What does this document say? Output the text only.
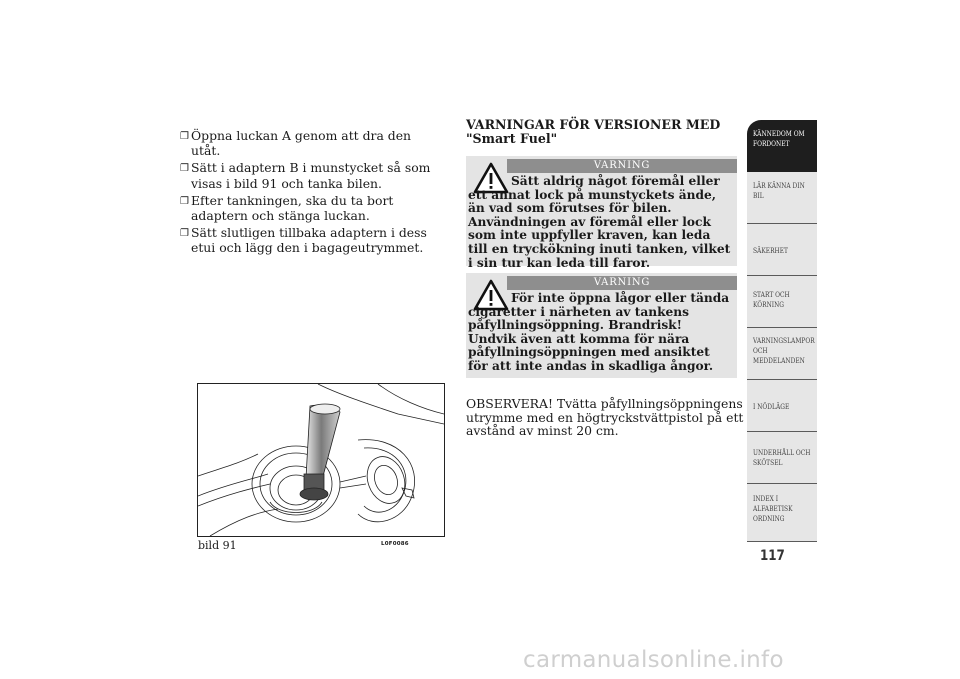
❐ Öppna luckan A genom att dra den utåt.
❐ Sätt i adaptern B i munstycket så som visas i bild 91 och tanka bilen.
❐ Efter tankningen, ska du ta bort adaptern och stänga luckan.
❐ Sätt slutligen tillbaka adaptern i dess etui och lägg den i bagageutrymmet.
bild 91	L0F0086
VARNINGAR FÖR VERSIONER MED "Smart Fuel"
VARNING
Sätt aldrig något föremål eller ett annat lock på munstyckets ände, än vad som förutses för bilen. Användningen av föremål eller lock som inte uppfyller kraven, kan leda till en tryckökning inuti tanken, vilket i sin tur kan leda till faror.
VARNING
För inte öppna lågor eller tända cigaretter i närheten av tankens påfyllningsöppning. Brandrisk! Undvik även att komma för nära påfyllningsöppningen med ansiktet för att inte andas in skadliga ångor.
OBSERVERA! Tvätta påfyllningsöppningens utrymme med en högtryckstvättpistol på ett avstånd av minst 20 cm.
KÄNNEDOM OM
FORDONET
LÄR KÄNNA DIN
BIL
SÄKERHET
START OCH
KÖRNING
VARNINGSLAMPOR
OCH
MEDDELANDEN
I NÖDLÄGE
UNDERHÅLL OCH
SKÖTSEL
INDEX I
ALFABETISK
ORDNING
117
carmanualsonline.info
